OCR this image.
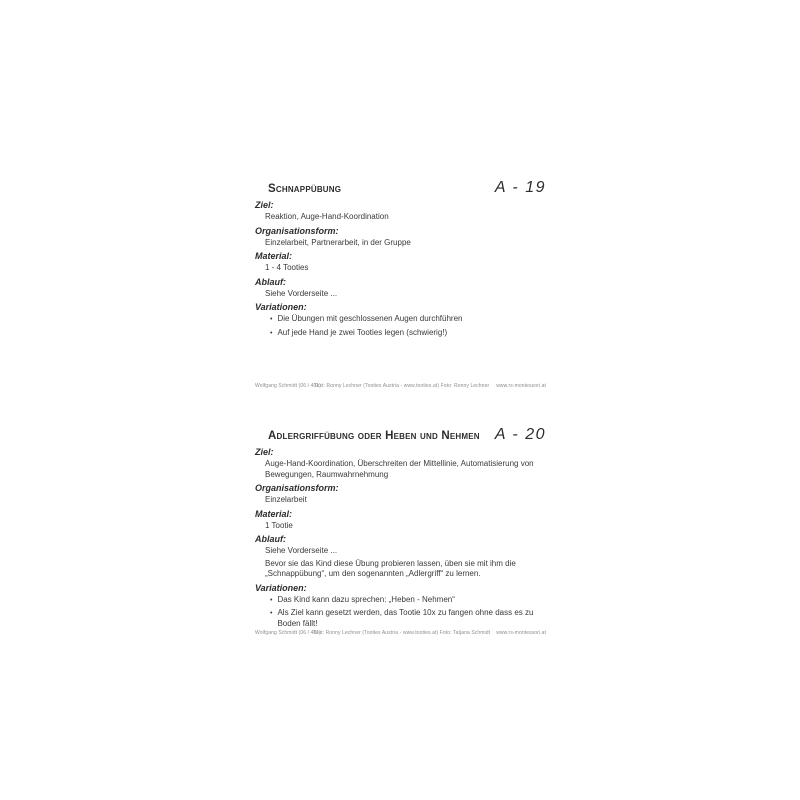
Schnappübung	A - 19
Ziel:
Reaktion, Auge-Hand-Koordination
Organisationsform:
Einzelarbeit, Partnerarbeit, in der Gruppe
Material:
1 - 4 Tooties
Ablauf:
Siehe Vorderseite ...
Variationen:
•
Die Übungen mit geschlossenen Augen durchführen
•
Auf jede Hand je zwei Tooties legen (schwierig!)
Wolfgang Schmidt (06 / 401)
Text: Ronny Lechner (Tooties Austria - www.tooties.at) Foto: Ronny Lechner www.rs-montessori.at
Adlergriffübung oder Heben und Nehmen A - 20
Ziel:
Auge-Hand-Koordination, Überschreiten der Mittellinie, Automatisierung von Bewegungen, Raumwahrnehmung
Organisationsform:
Einzelarbeit
Material:
1 Tootie
Ablauf:
Siehe Vorderseite ...
Bevor sie das Kind diese Übung probieren lassen, üben sie mit ihm die „Schnappübung“, um den sogenannten „Adlergriff“ zu lernen.
Variationen:
•
Das Kind kann dazu sprechen: „Heben - Nehmen“
•
Als Ziel kann gesetzt werden, das Tootie 10x zu fangen ohne dass es zu Boden fällt!
Wolfgang Schmidt (06 / 401)
Text: Ronny Lechner (Tooties Austria - www.tooties.at) Foto: Tatjana Schmidt www.rs-montessori.at
